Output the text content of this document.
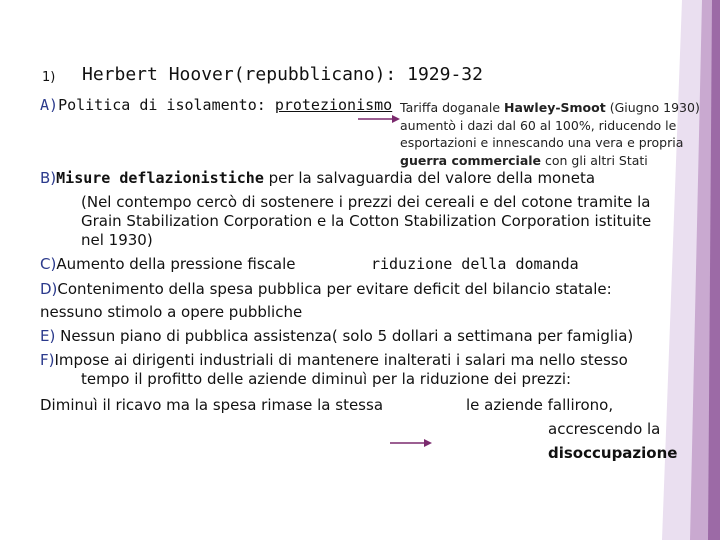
1) Herbert Hoover(repubblicano): 1929-32
A)Politica di isolamento: protezionismo Tariffa doganale Hawley-Smoot (Giugno 1930)
aumentò i dazi dal 60 al 100%, riducendo le
esportazioni e innescando una vera e propria
guerra commerciale con gli altri Stati
B)Misure deflazionistiche per la salvaguardia del valore della moneta
(Nel contempo cercò di sostenere i prezzi dei cereali e del cotone tramite la
Grain Stabilization Corporation e la Cotton Stabilization Corporation istituite
nel 1930)
C)Aumento della pressione fiscale	riduzione della domanda
D)Contenimento della spesa pubblica per evitare deficit del bilancio statale:
nessuno stimolo a opere pubbliche
E) Nessun piano di pubblica assistenza( solo 5 dollari a settimana per famiglia)
F)Impose ai dirigenti industriali di mantenere inalterati i salari ma nello stesso
tempo il profitto delle aziende diminuì per la riduzione dei prezzi:
Diminuì il ricavo ma la spesa rimase la stessa	le aziende fallirono,
accrescendo la
disoccupazione
